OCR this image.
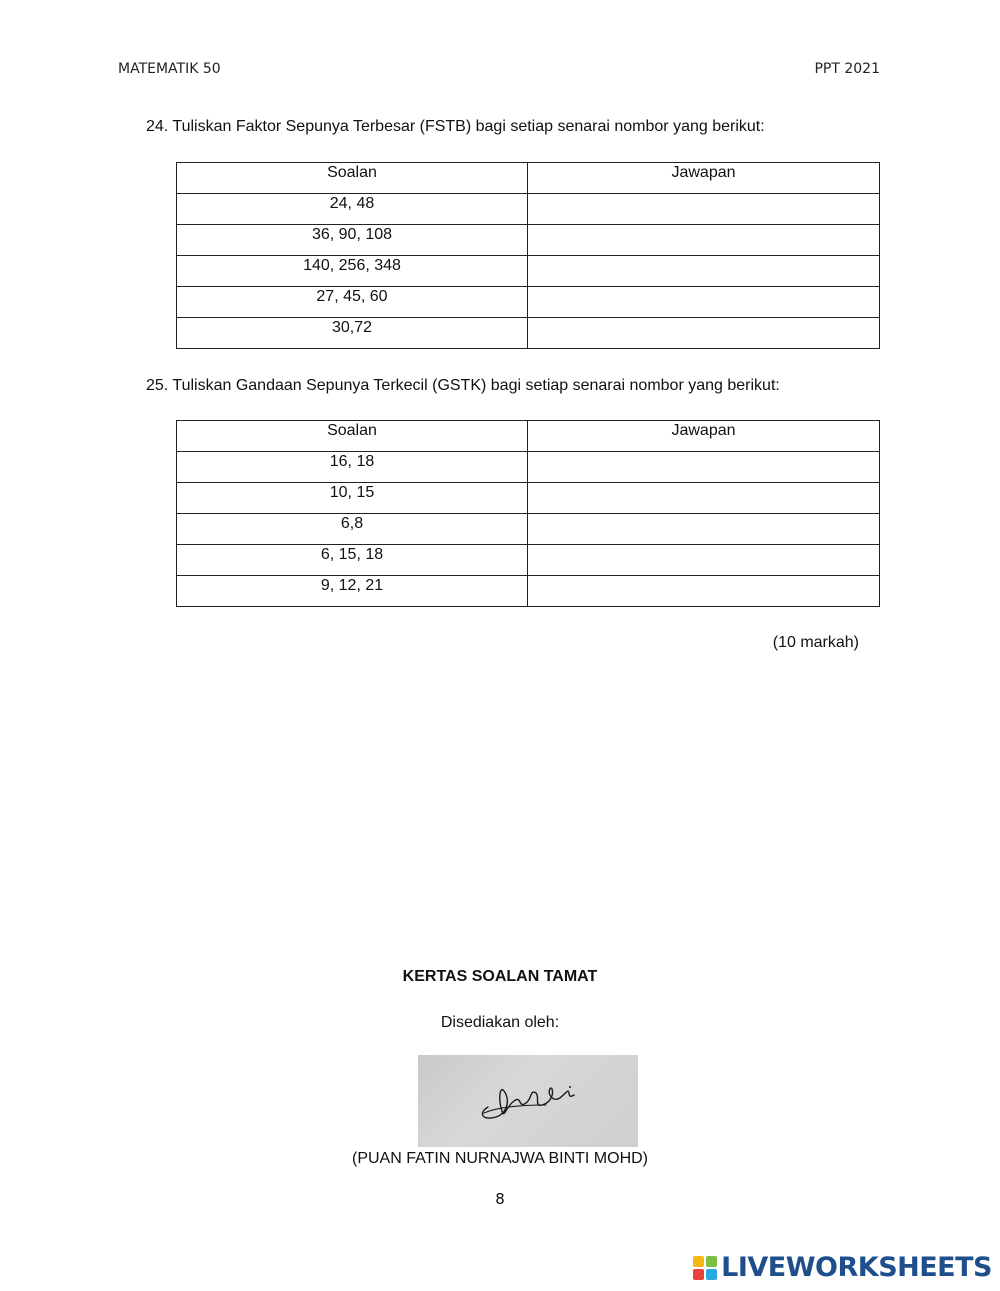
MATEMATIK 50	PPT 2021
24. Tuliskan Faktor Sepunya Terbesar (FSTB) bagi setiap senarai nombor yang berikut:
Soalan	Jawapan
24, 48	
36, 90, 108	
140, 256, 348	
27, 45, 60	
30,72	
25. Tuliskan Gandaan Sepunya Terkecil (GSTK) bagi setiap senarai nombor yang berikut:
Soalan	Jawapan
16, 18	
10, 15	
6,8	
6, 15, 18	
9, 12, 21	
(10 markah)
KERTAS SOALAN TAMAT
Disediakan oleh:
(PUAN FATIN NURNAJWA BINTI MOHD)
8
LIVEWORKSHEETS
